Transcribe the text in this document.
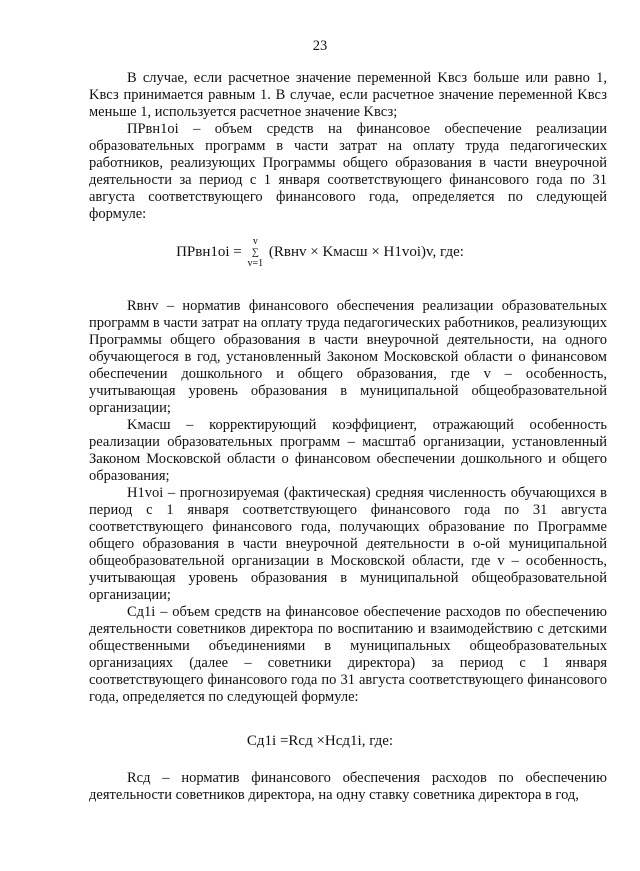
23

В случае, если расчетное значение переменной Kвсз больше или равно 1, Kвсз принимается равным 1. В случае, если расчетное значение переменной Kвсз меньше 1, используется расчетное значение Kвсз;

ПРвн1oi – объем средств на финансовое обеспечение реализации образовательных программ в части затрат на оплату труда педагогических работников, реализующих Программы общего образования в части внеурочной деятельности за период с 1 января соответствующего финансового года по 31 августа соответствующего финансового года, определяется по следующей формуле:

ПРвн1oi =
v
∑
v=1
(Rвнv × Kмасш × Н1voi)v, где:

Rвнv – норматив финансового обеспечения реализации образовательных программ в части затрат на оплату труда педагогических работников, реализующих Программы общего образования в части внеурочной деятельности, на одного обучающегося в год, установленный Законом Московской области о финансовом обеспечении дошкольного и общего образования, где v – особенность, учитывающая уровень образования в муниципальной общеобразовательной организации;

Kмасш – корректирующий коэффициент, отражающий особенность реализации образовательных программ – масштаб организации, установленный Законом Московской области о финансовом обеспечении дошкольного и общего образования;

Н1voi – прогнозируемая (фактическая) средняя численность обучающихся в период с 1 января соответствующего финансового года по 31 августа соответствующего финансового года, получающих образование по Программе общего образования в части внеурочной деятельности в о-ой муниципальной общеобразовательной организации в Московской области, где v – особенность, учитывающая уровень образования в муниципальной общеобразовательной организации;

Сд1i – объем средств на финансовое обеспечение расходов по обеспечению деятельности советников директора по воспитанию и взаимодействию с детскими общественными объединениями в муниципальных общеобразовательных организациях (далее – советники директора) за период с 1 января соответствующего финансового года по 31 августа соответствующего финансового года, определяется по следующей формуле:

Сд1i =Rсд ×Нсд1i, где:

Rсд – норматив финансового обеспечения расходов по обеспечению деятельности советников директора, на одну ставку советника директора в год,
